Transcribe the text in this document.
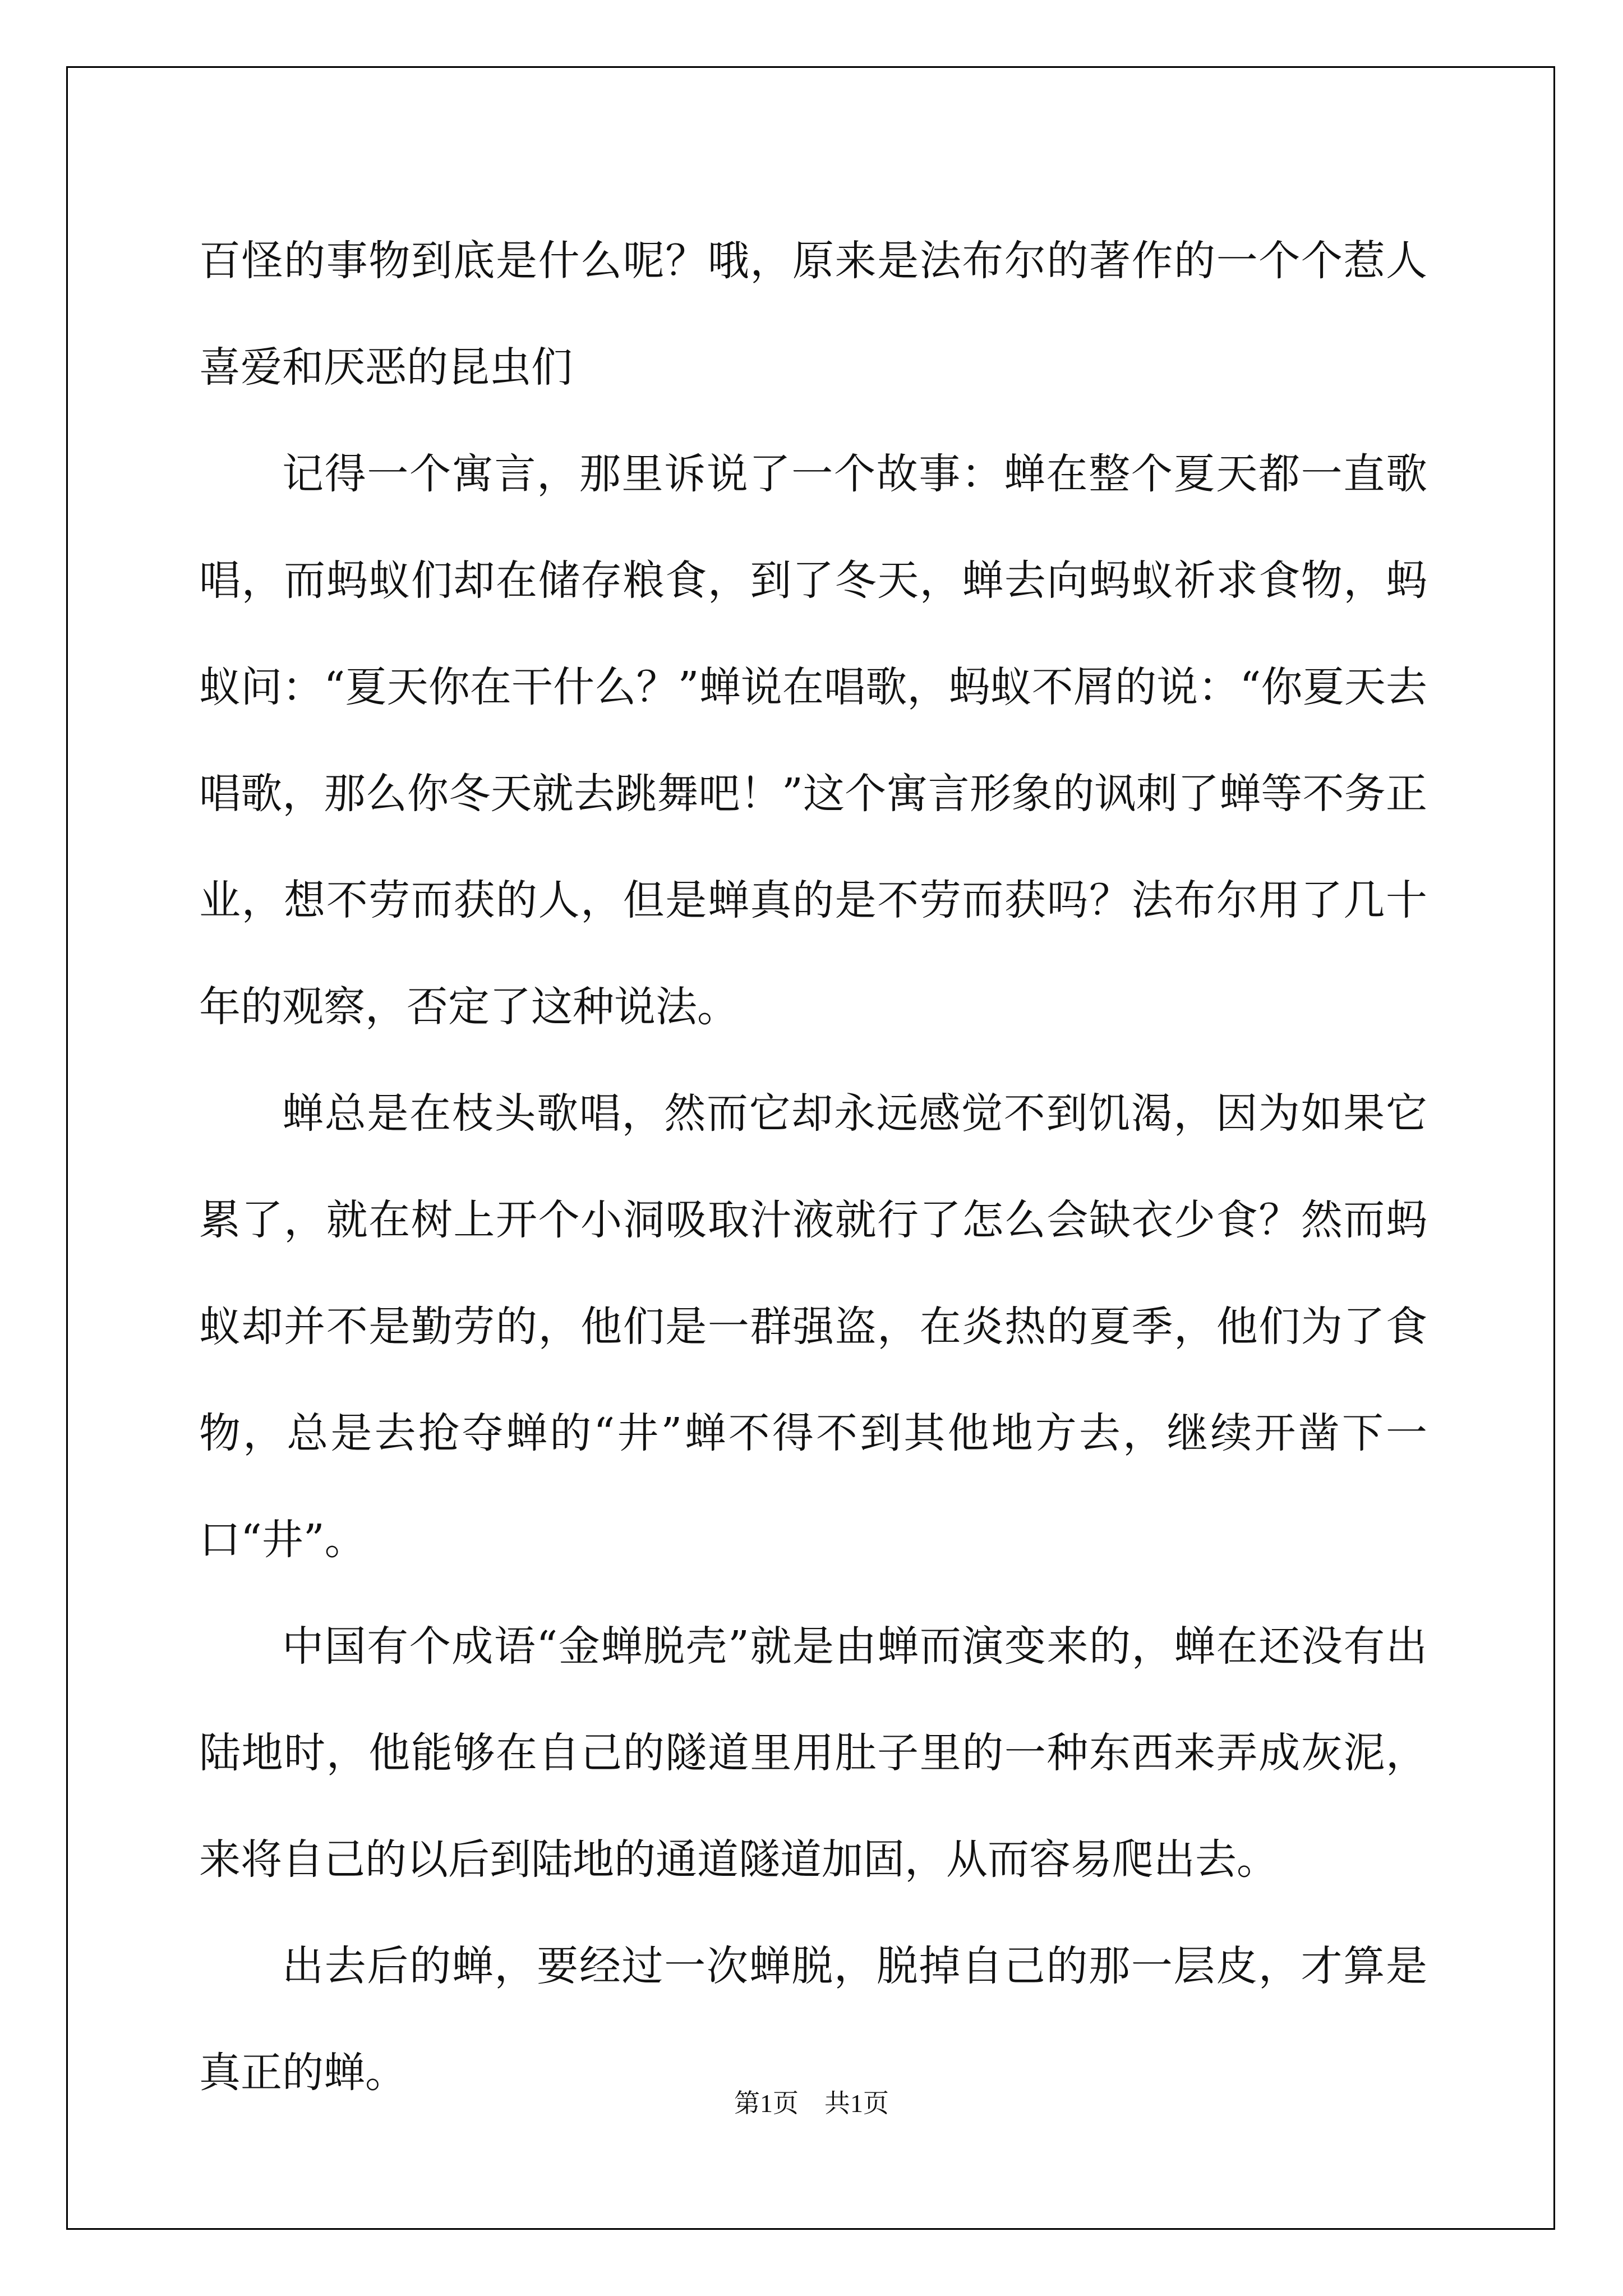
百怪的事物到底是什么呢？哦，原来是法布尔的著作的一个个惹人喜爱和厌恶的昆虫们

记得一个寓言，那里诉说了一个故事：蝉在整个夏天都一直歌唱，而蚂蚁们却在储存粮食，到了冬天，蝉去向蚂蚁祈求食物，蚂蚁问：“夏天你在干什么？”蝉说在唱歌，蚂蚁不屑的说：“你夏天去唱歌，那么你冬天就去跳舞吧！”这个寓言形象的讽刺了蝉等不务正业，想不劳而获的人，但是蝉真的是不劳而获吗？法布尔用了几十年的观察，否定了这种说法。

蝉总是在枝头歌唱，然而它却永远感觉不到饥渴，因为如果它累了，就在树上开个小洞吸取汁液就行了怎么会缺衣少食？然而蚂蚁却并不是勤劳的，他们是一群强盗，在炎热的夏季，他们为了食物，总是去抢夺蝉的“井”蝉不得不到其他地方去，继续开凿下一口“井”。

中国有个成语“金蝉脱壳”就是由蝉而演变来的，蝉在还没有出陆地时，他能够在自己的隧道里用肚子里的一种东西来弄成灰泥，来将自己的以后到陆地的通道隧道加固，从而容易爬出去。

出去后的蝉，要经过一次蝉脱，脱掉自己的那一层皮，才算是真正的蝉。

第1页　共1页
